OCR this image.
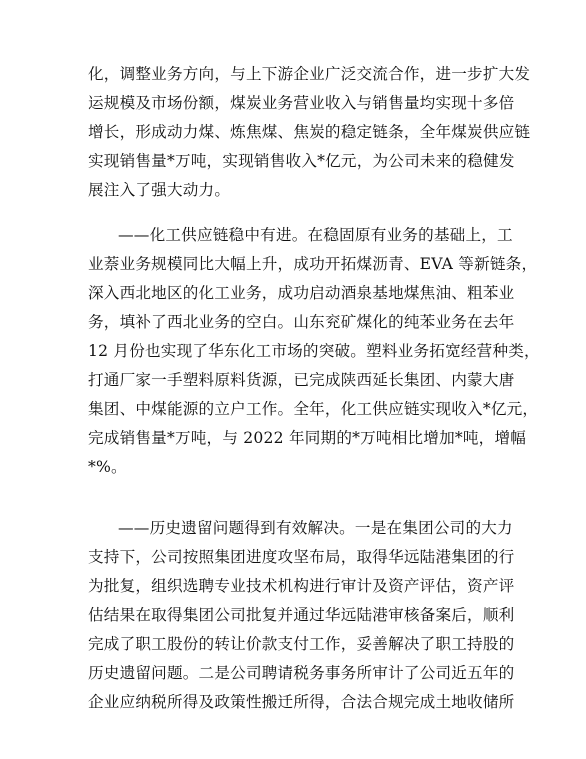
化，调整业务方向，与上下游企业广泛交流合作，进一步扩大发
运规模及市场份额，煤炭业务营业收入与销售量均实现十多倍
增长，形成动力煤、炼焦煤、焦炭的稳定链条，全年煤炭供应链
实现销售量*万吨，实现销售收入*亿元，为公司未来的稳健发
展注入了强大动力。
——化工供应链稳中有进。在稳固原有业务的基础上，工
业萘业务规模同比大幅上升，成功开拓煤沥青、EVA 等新链条，
深入西北地区的化工业务，成功启动酒泉基地煤焦油、粗苯业
务，填补了西北业务的空白。山东兖矿煤化的纯苯业务在去年
12 月份也实现了华东化工市场的突破。塑料业务拓宽经营种类，
打通厂家一手塑料原料货源，已完成陕西延长集团、内蒙大唐
集团、中煤能源的立户工作。全年，化工供应链实现收入*亿元，
完成销售量*万吨，与 2022 年同期的*万吨相比增加*吨，增幅
*%。
——历史遗留问题得到有效解决。一是在集团公司的大力
支持下，公司按照集团进度攻坚布局，取得华远陆港集团的行
为批复，组织选聘专业技术机构进行审计及资产评估，资产评
估结果在取得集团公司批复并通过华远陆港审核备案后，顺利
完成了职工股份的转让价款支付工作，妥善解决了职工持股的
历史遗留问题。二是公司聘请税务事务所审计了公司近五年的
企业应纳税所得及政策性搬迁所得，合法合规完成土地收储所
